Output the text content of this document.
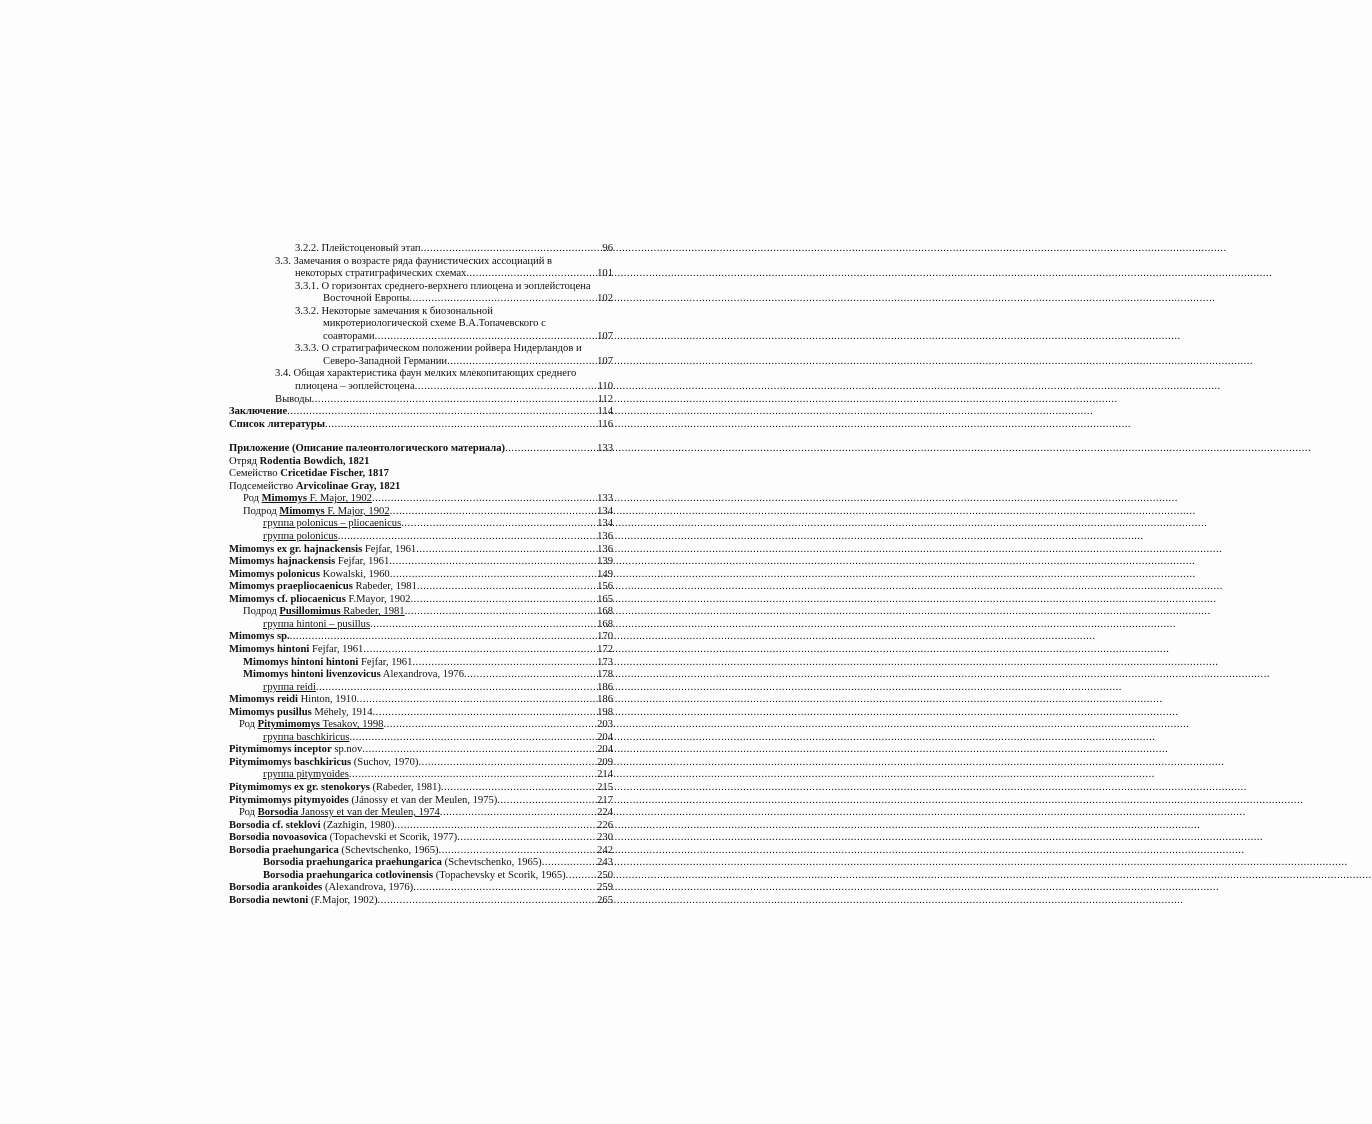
3.2.2. Плейстоценовый этап .....	96
3.3. Замечания о возрасте ряда фаунистических ассоциаций в
некоторых стратиграфических схемах .....	101
3.3.1. О горизонтах среднего-верхнего плиоцена и эоплейстоцена
Восточной Европы .....	102
3.3.2. Некоторые замечания к биозональной
микротериологической схеме В.А.Топачевского с
соавторами .....	107
3.3.3. О стратиграфическом положении ройвера Нидерландов и
Северо-Западной Германии .....	107
3.4. Общая характеристика фаун мелких млекопитающих среднего
плиоцена – эоплейстоцена .....	110
Выводы .....	112
Заключение .....	114
Список литературы .....	116
Приложение (Описание палеонтологического материала) .....	133
Отряд Rodentia Bowdich, 1821
Семейство Cricetidae Fischer, 1817
Подсемейство Arvicolinae Gray, 1821
Род Mimomys F. Major, 1902 .....	133
Подрод Mimomys F. Major, 1902 .....	134
группа polonicus – pliocaenicus .....	134
группа polonicus .....	136
Mimomys ex gr. hajnackensis Fejfar, 1961 .....	136
Mimomys hajnackensis Fejfar, 1961 .....	139
Mimomys polonicus Kowalski, 1960 .....	149
Mimomys praepliocaenicus Rabeder, 1981 .....	156
Mimomys cf. pliocaenicus F.Mayor, 1902 .....	165
Подрод Pusillomimus Rabeder, 1981 .....	168
группа hintoni – pusillus .....	168
Mimomys sp. .....	170
Mimomys hintoni Fejfar, 1961 .....	172
Mimomys hintoni hintoni Fejfar, 1961 .....	173
Mimomys hintoni livenzovicus Alexandrova, 1976 .....	178
группа reidi .....	186
Mimomys reidi Hinton, 1910 .....	186
Mimomys pusillus Méhely, 1914 .....	198
Род Pitymimomys Tesakov, 1998 .....	203
группа baschkiricus .....	204
Pitymimomys inceptor sp.nov .....	204
Pitymimomys baschkiricus (Suchov, 1970) .....	209
группа pitymyoides .....	214
Pitymimomys ex gr. stenokorys (Rabeder, 1981) .....	215
Pitymimomys pitymyoides (Jánossy et van der Meulen, 1975) .....	217
Род Borsodia Janossy et van der Meulen, 1974 .....	224
Borsodia cf. steklovi (Zazhigin, 1980) .....	226
Borsodia novoasovica (Topachevski et Scorik, 1977) .....	230
Borsodia praehungarica (Schevtschenko, 1965) .....	242
Borsodia praehungarica praehungarica (Schevtschenko, 1965) .....	243
Borsodia praehungarica cotlovinensis (Topachevsky et Scorik, 1965) .....	250
Borsodia arankoides (Alexandrova, 1976) .....	259
Borsodia newtoni (F.Major, 1902) .....	265
